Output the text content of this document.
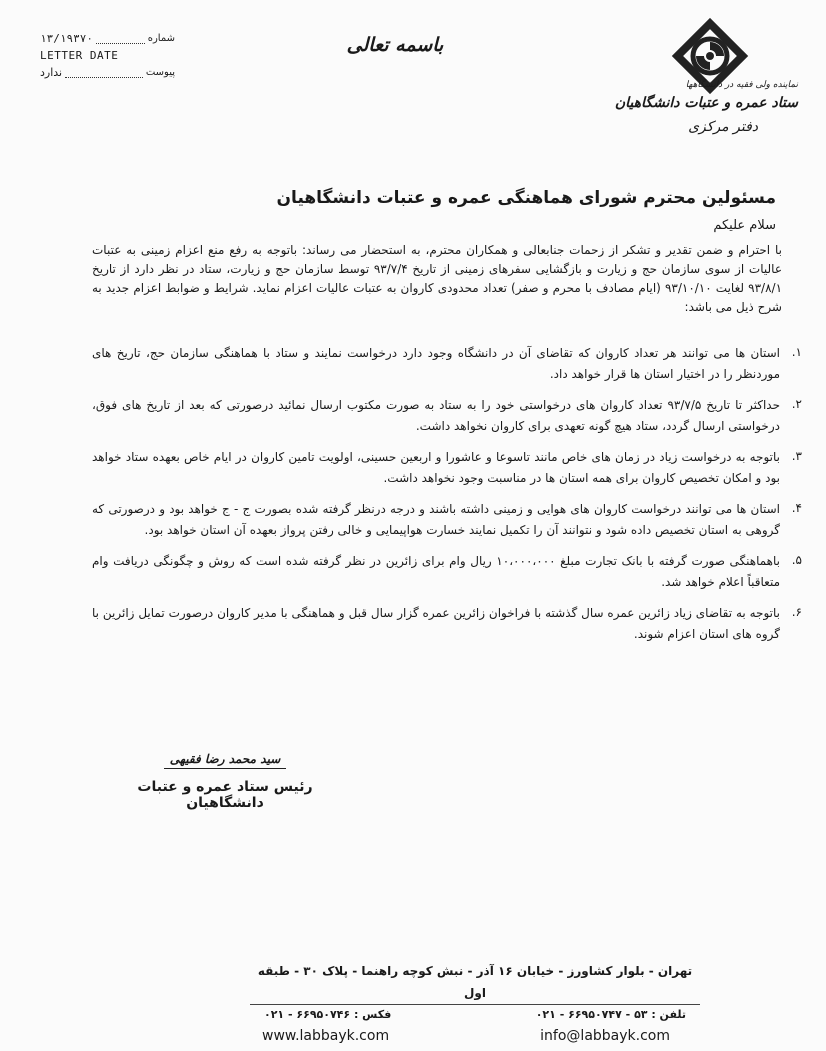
۱۳/۱۹۳۷۰	شماره
LETTER DATE
ندارد	پیوست
باسمه تعالی
نماینده ولی فقیه در دانشگاهها
ستاد عمره و عتبات دانشگاهیان
دفتر مرکزی
مسئولین محترم شورای هماهنگی عمره و عتبات دانشگاهیان
سلام علیکم
با احترام و ضمن تقدیر و تشکر از زحمات جنابعالی و همکاران محترم، به استحضار می رساند: باتوجه به رفع منع اعزام زمینی به عتبات عالیات از سوی سازمان حج و زیارت و بازگشایی سفرهای زمینی از تاریخ ۹۳/۷/۴ توسط سازمان حج و زیارت، ستاد در نظر دارد از تاریخ ۹۳/۸/۱ لغایت ۹۳/۱۰/۱۰ (ایام مصادف با محرم و صفر) تعداد محدودی کاروان به عتبات عالیات اعزام نماید. شرایط و ضوابط اعزام جدید به شرح ذیل می باشد:
استان ها می توانند هر تعداد کاروان که تقاضای آن در دانشگاه وجود دارد درخواست نمایند و ستاد با هماهنگی سازمان حج، تاریخ های موردنظر را در اختیار استان ها قرار خواهد داد.
۱.
حداکثر تا تاریخ ۹۳/۷/۵ تعداد کاروان های درخواستی خود را به ستاد به صورت مکتوب ارسال نمائید درصورتی که بعد از تاریخ های فوق، درخواستی ارسال گردد، ستاد هیچ گونه تعهدی برای کاروان نخواهد داشت.
۲.
باتوجه به درخواست زیاد در زمان های خاص مانند تاسوعا و عاشورا و اربعین حسینی، اولویت تامین کاروان در ایام خاص بعهده ستاد خواهد بود و امکان تخصیص کاروان برای همه استان ها در مناسبت وجود نخواهد داشت.
۳.
استان ها می توانند درخواست کاروان های هوایی و زمینی داشته باشند و درجه درنظر گرفته شده بصورت ج - ج خواهد بود و درصورتی که گروهی به استان تخصیص داده شود و نتوانند آن را تکمیل نمایند خسارت هواپیمایی و خالی رفتن پرواز بعهده آن استان خواهد بود.
۴.
باهماهنگی صورت گرفته با بانک تجارت مبلغ ۱۰،۰۰۰،۰۰۰ ریال وام برای زائرین در نظر گرفته شده است که روش و چگونگی دریافت وام متعاقباً اعلام خواهد شد.
۵.
باتوجه به تقاضای زیاد زائرین عمره سال گذشته با فراخوان زائرین عمره گزار سال قبل و هماهنگی با مدیر کاروان درصورت تمایل زائرین با گروه های استان اعزام شوند.
۶.
سید محمد رضا فقیهی
رئیس ستاد عمره و عتبات دانشگاهیان
تهران - بلوار کشاورز - خیابان ۱۶ آذر - نبش کوچه راهنما - پلاک ۳۰ - طبقه اول
تلفن : ۵۳ - ۶۶۹۵۰۷۴۷ - ۰۲۱
فکس : ۶۶۹۵۰۷۴۶ - ۰۲۱
www.labbayk.com	info@labbayk.com
